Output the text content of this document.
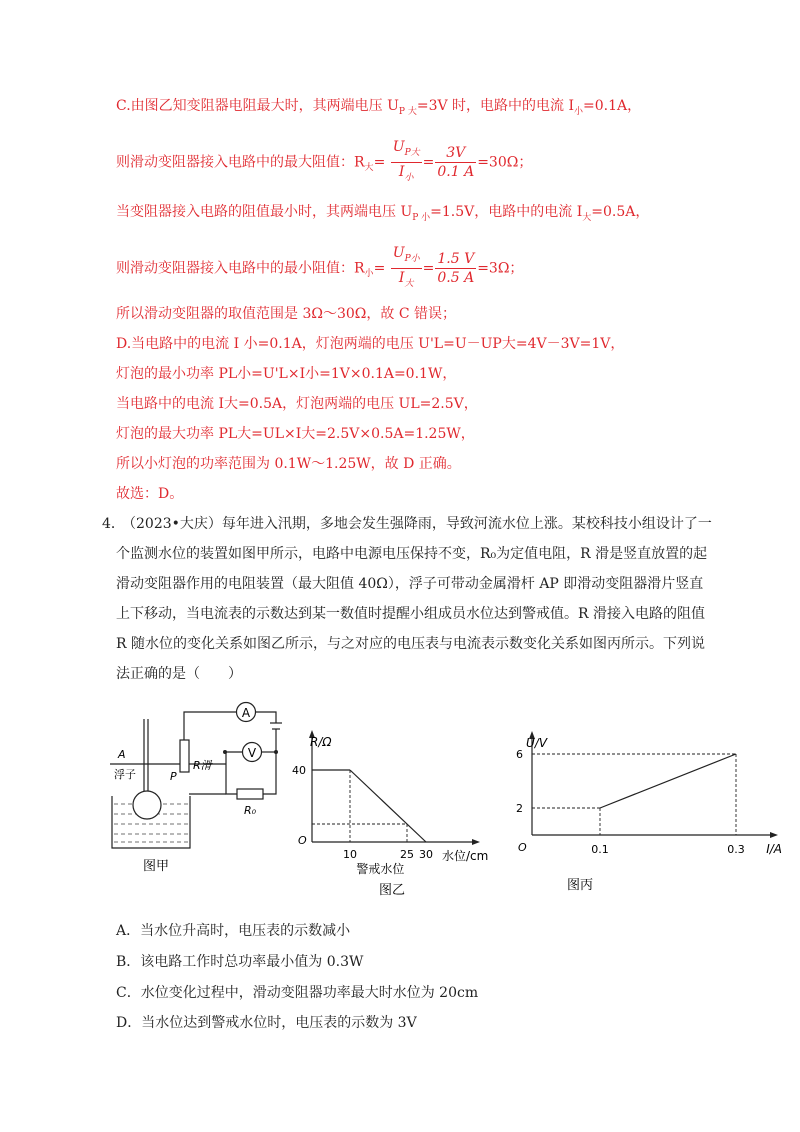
C.由图乙知变阻器电阻最大时，其两端电压 $U_{P 大}=3V$ 时，电路中的电流 $I_小=0.1A$，
则滑动变阻器接入电路中的最大阻值：$R_大= \frac{U_{P大}}{I_小} = \frac{3V}{0.1 A} =30\Omega$；
当变阻器接入电路的阻值最小时，其两端电压 $U_{P 小}=1.5V$，电路中的电流 $I_大=0.5A$，
则滑动变阻器接入电路中的最小阻值：$R_小= \frac{U_{P小}}{I_大} = \frac{1.5 V}{0.5 A} =3\Omega$；
所以滑动变阻器的取值范围是 3Ω～30Ω，故 C 错误；
D.当电路中的电流 I 小=0.1A，灯泡两端的电压 U'L=U－UP大=4V－3V=1V，
灯泡的最小功率 PL小=U'L×I小=1V×0.1A=0.1W，
当电路中的电流 I大=0.5A，灯泡两端的电压 UL=2.5V，
灯泡的最大功率 PL大=UL×I大=2.5V×0.5A=1.25W，
所以小灯泡的功率范围为 0.1W～1.25W，故 D 正确。
故选：D。
4．
（2023•大庆）每年进入汛期，多地会发生强降雨，导致河流水位上涨。某校科技小组设计了一
个监测水位的装置如图甲所示，电路中电源电压保持不变，R₀为定值电阻，R 滑是竖直放置的起
滑动变阻器作用的电阻装置（最大阻值 40Ω），浮子可带动金属滑杆 AP 即滑动变阻器滑片竖直
上下移动，当电流表的示数达到某一数值时提醒小组成员水位达到警戒值。R 滑接入电路的阻值
R 随水位的变化关系如图乙所示，与之对应的电压表与电流表示数变化关系如图丙所示。下列说
法正确的是（　　）
A
V
R滑
R₀
A
P
浮子
图甲
R/Ω
水位/cm
O
40
10	25 30
警戒水位
图乙
U/V
I/A
O
2
6
0.1	0.3
图丙
A．当水位升高时，电压表的示数减小
B．该电路工作时总功率最小值为 0.3W
C．水位变化过程中，滑动变阻器功率最大时水位为 20cm
D．当水位达到警戒水位时，电压表的示数为 3V
